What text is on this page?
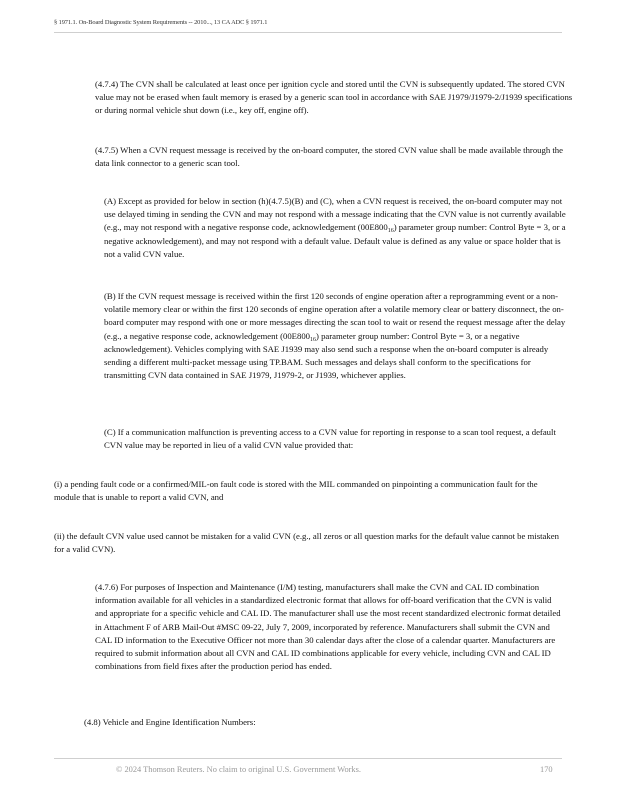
§ 1971.1. On-Board Diagnostic System Requirements -- 2010..., 13 CA ADC § 1971.1

(4.7.4) The CVN shall be calculated at least once per ignition cycle and stored until the CVN is subsequently updated. The stored CVN value may not be erased when fault memory is erased by a generic scan tool in accordance with SAE J1979/J1979-2/J1939 specifications or during normal vehicle shut down (i.e., key off, engine off).

(4.7.5) When a CVN request message is received by the on-board computer, the stored CVN value shall be made available through the data link connector to a generic scan tool.

(A) Except as provided for below in section (h)(4.7.5)(B) and (C), when a CVN request is received, the on-board computer may not use delayed timing in sending the CVN and may not respond with a message indicating that the CVN value is not currently available (e.g., may not respond with a negative response code, acknowledgement $(00E800_{16})$ parameter group number: Control Byte = 3, or a negative acknowledgement), and may not respond with a default value. Default value is defined as any value or space holder that is not a valid CVN value.

(B) If the CVN request message is received within the first 120 seconds of engine operation after a reprogramming event or a non-volatile memory clear or within the first 120 seconds of engine operation after a volatile memory clear or battery disconnect, the on-board computer may respond with one or more messages directing the scan tool to wait or resend the request message after the delay (e.g., a negative response code, acknowledgement $(00E800_{16})$ parameter group number: Control Byte = 3, or a negative acknowledgement). Vehicles complying with SAE J1939 may also send such a response when the on-board computer is already sending a different multi-packet message using TP.BAM. Such messages and delays shall conform to the specifications for transmitting CVN data contained in SAE J1979, J1979-2, or J1939, whichever applies.

(C) If a communication malfunction is preventing access to a CVN value for reporting in response to a scan tool request, a default CVN value may be reported in lieu of a valid CVN value provided that:

(i) a pending fault code or a confirmed/MIL-on fault code is stored with the MIL commanded on pinpointing a communication fault for the module that is unable to report a valid CVN, and

(ii) the default CVN value used cannot be mistaken for a valid CVN (e.g., all zeros or all question marks for the default value cannot be mistaken for a valid CVN).

(4.7.6) For purposes of Inspection and Maintenance (I/M) testing, manufacturers shall make the CVN and CAL ID combination information available for all vehicles in a standardized electronic format that allows for off-board verification that the CVN is valid and appropriate for a specific vehicle and CAL ID. The manufacturer shall use the most recent standardized electronic format detailed in Attachment F of ARB Mail-Out #MSC 09-22, July 7, 2009, incorporated by reference. Manufacturers shall submit the CVN and CAL ID information to the Executive Officer not more than 30 calendar days after the close of a calendar quarter. Manufacturers are required to submit information about all CVN and CAL ID combinations applicable for every vehicle, including CVN and CAL ID combinations from field fixes after the production period has ended.

(4.8) Vehicle and Engine Identification Numbers:

© 2024 Thomson Reuters. No claim to original U.S. Government Works.	170
